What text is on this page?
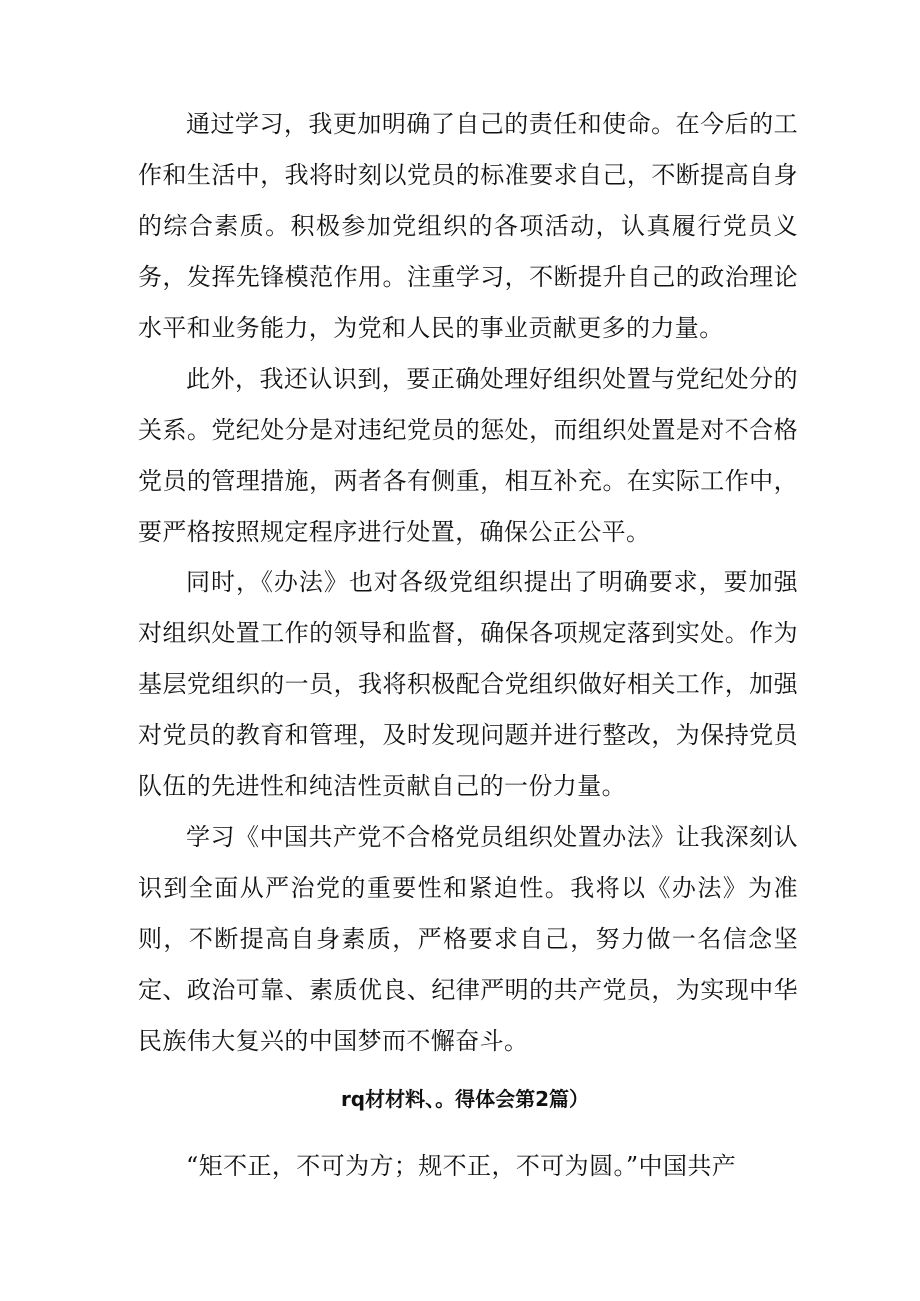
通过学习，我更加明确了自己的责任和使命。在今后的工作和生活中，我将时刻以党员的标准要求自己，不断提高自身的综合素质。积极参加党组织的各项活动，认真履行党员义务，发挥先锋模范作用。注重学习，不断提升自己的政治理论水平和业务能力，为党和人民的事业贡献更多的力量。

此外，我还认识到，要正确处理好组织处置与党纪处分的关系。党纪处分是对违纪党员的惩处，而组织处置是对不合格党员的管理措施，两者各有侧重，相互补充。在实际工作中，要严格按照规定程序进行处置，确保公正公平。

同时，《办法》也对各级党组织提出了明确要求，要加强对组织处置工作的领导和监督，确保各项规定落到实处。作为基层党组织的一员，我将积极配合党组织做好相关工作，加强对党员的教育和管理，及时发现问题并进行整改，为保持党员队伍的先进性和纯洁性贡献自己的一份力量。

学习《中国共产党不合格党员组织处置办法》让我深刻认识到全面从严治党的重要性和紧迫性。我将以《办法》为准则，不断提高自身素质，严格要求自己，努力做一名信念坚定、政治可靠、素质优良、纪律严明的共产党员，为实现中华民族伟大复兴的中国梦而不懈奋斗。

rq材材料、。得体会第2篇）

“矩不正，不可为方；规不正，不可为圆。”中国共产
